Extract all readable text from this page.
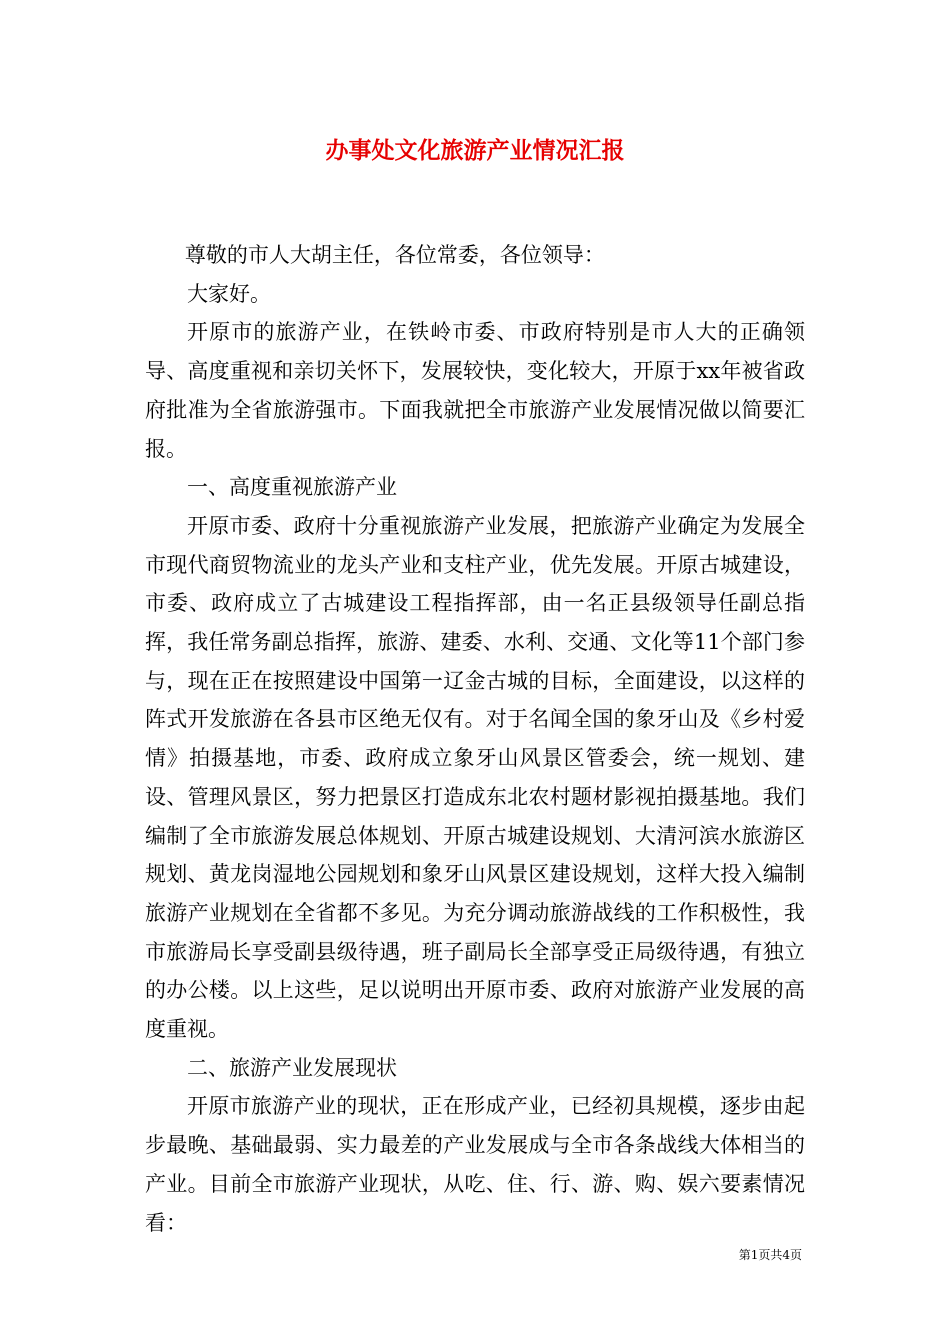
办事处文化旅游产业情况汇报

尊敬的市人大胡主任，各位常委，各位领导：

大家好。

开原市的旅游产业，在铁岭市委、市政府特别是市人大的正确领导、高度重视和亲切关怀下，发展较快，变化较大，开原于xx年被省政府批准为全省旅游强市。下面我就把全市旅游产业发展情况做以简要汇报。

一、高度重视旅游产业

开原市委、政府十分重视旅游产业发展，把旅游产业确定为发展全市现代商贸物流业的龙头产业和支柱产业，优先发展。开原古城建设，市委、政府成立了古城建设工程指挥部，由一名正县级领导任副总指挥，我任常务副总指挥，旅游、建委、水利、交通、文化等11个部门参与，现在正在按照建设中国第一辽金古城的目标，全面建设，以这样的阵式开发旅游在各县市区绝无仅有。对于名闻全国的象牙山及《乡村爱情》拍摄基地，市委、政府成立象牙山风景区管委会，统一规划、建设、管理风景区，努力把景区打造成东北农村题材影视拍摄基地。我们编制了全市旅游发展总体规划、开原古城建设规划、大清河滨水旅游区规划、黄龙岗湿地公园规划和象牙山风景区建设规划，这样大投入编制旅游产业规划在全省都不多见。为充分调动旅游战线的工作积极性，我市旅游局长享受副县级待遇，班子副局长全部享受正局级待遇，有独立的办公楼。以上这些，足以说明出开原市委、政府对旅游产业发展的高度重视。

二、旅游产业发展现状

开原市旅游产业的现状，正在形成产业，已经初具规模，逐步由起步最晚、基础最弱、实力最差的产业发展成与全市各条战线大体相当的产业。目前全市旅游产业现状，从吃、住、行、游、购、娱六要素情况看：

第1页共4页
